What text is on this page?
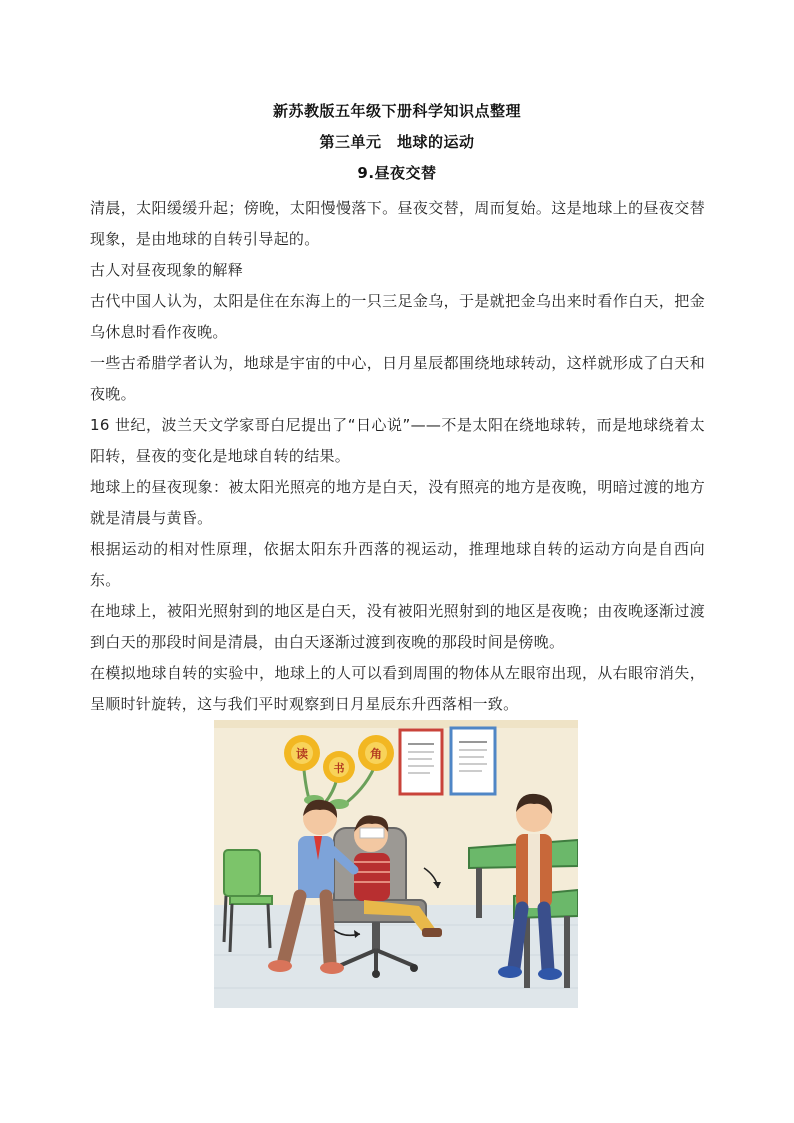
新苏教版五年级下册科学知识点整理
第三单元　地球的运动
9.昼夜交替

清晨，太阳缓缓升起；傍晚，太阳慢慢落下。昼夜交替，周而复始。这是地球上的昼夜交替现象，是由地球的自转引导起的。

古人对昼夜现象的解释

古代中国人认为，太阳是住在东海上的一只三足金乌，于是就把金乌出来时看作白天，把金乌休息时看作夜晚。

一些古希腊学者认为，地球是宇宙的中心，日月星辰都围绕地球转动，这样就形成了白天和夜晚。

16 世纪，波兰天文学家哥白尼提出了“日心说”——不是太阳在绕地球转，而是地球绕着太阳转，昼夜的变化是地球自转的结果。

地球上的昼夜现象：被太阳光照亮的地方是白天，没有照亮的地方是夜晚，明暗过渡的地方就是清晨与黄昏。

根据运动的相对性原理，依据太阳东升西落的视运动，推理地球自转的运动方向是自西向东。

在地球上，被阳光照射到的地区是白天，没有被阳光照射到的地区是夜晚；由夜晚逐渐过渡到白天的那段时间是清晨，由白天逐渐过渡到夜晚的那段时间是傍晚。

在模拟地球自转的实验中，地球上的人可以看到周围的物体从左眼帘出现，从右眼帘消失，呈顺时针旋转，这与我们平时观察到日月星辰东升西落相一致。

读
书
角
